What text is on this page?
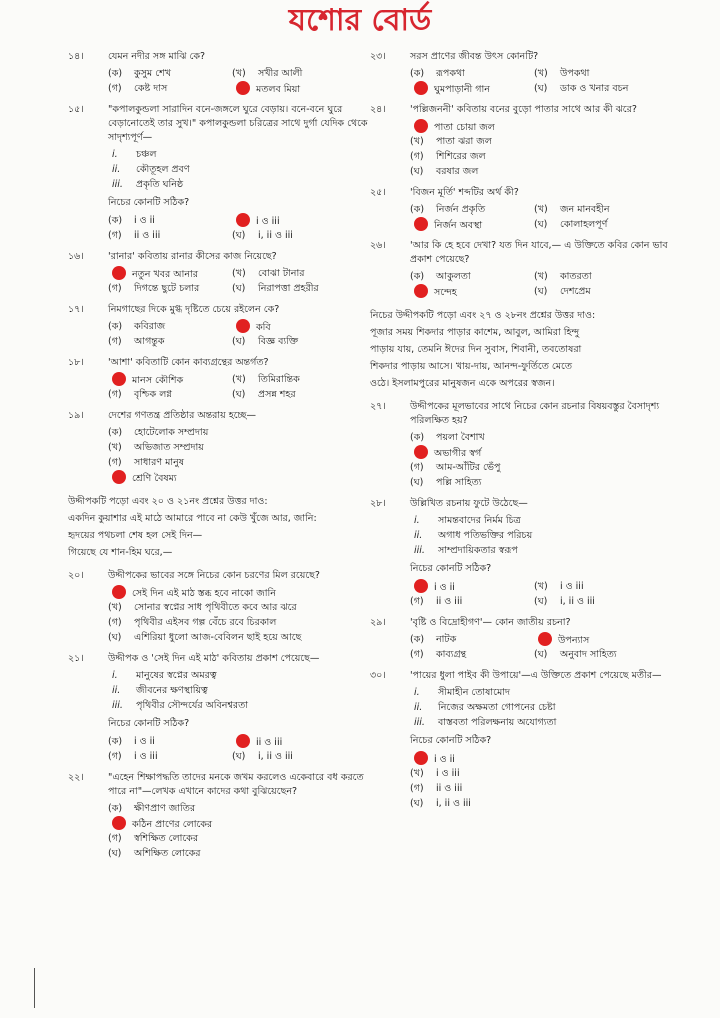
যশোর বোর্ড
১৪।	যেমন নদীর সঙ্গ মাঝি কে?
(ক) কুসুম শেখ	(খ) সখীর আলী
(গ) কেষ্ট দাস	মতলব মিয়া
১৫।	"কপালকুন্ডলা সারাদিন বনে-জঙ্গলে ঘুরে বেড়ায়। বনে-বনে ঘুরে বেড়ানোতেই তার সুখ।" কপালকুন্ডলা চরিত্রের সাথে দুর্গা যেদিক থেকে সাদৃশ্যপূর্ণ—
i. চঞ্চল
ii. কৌতূহল প্রবণ
iii. প্রকৃতি ঘনিষ্ঠ
নিচের কোনটি সঠিক?
(ক) i ও ii	i ও iii
(গ) ii ও iii	(ঘ) i, ii ও iii
১৬।	'রানার' কবিতায় রানার কীসের কাজ নিয়েছে?
নতুন খবর আনার	(খ) বোঝা টানার
(গ) দিগন্তে ছুটে চলার	(ঘ) নিরাপত্তা প্রহরীর
১৭।	নিমগাছের দিকে মুগ্ধ দৃষ্টিতে চেয়ে রইলেন কে?
(ক) কবিরাজ	কবি
(গ) আগন্তুক	(ঘ) বিজ্ঞ ব্যক্তি
১৮।	'আশা' কবিতাটি কোন কাব্যগ্রন্থের অন্তর্গত?
মানস কৌশিক	(খ) তিমিরান্তিক
(গ) বৃশ্চিক লগ্ন	(ঘ) প্রসন্ন শহর
১৯।	দেশের গণতন্ত্র প্রতিষ্ঠার অন্তরায় হচ্ছে—
(ক) হোটেলোক সম্প্রদায়
(খ) অভিজাত সম্প্রদায়
(গ) সাধারণ মানুষ
শ্রেণি বৈষম্য
উদ্দীপকটি পড়ো এবং ২০ ও ২১নং প্রশ্নের উত্তর দাও:
একদিন কুয়াশার এই মাঠে আমারে পাবে না কেউ খুঁজে আর, জানি:
হৃদয়ের পথচলা শেষ হল সেই দিন—
গিয়েছে যে শান-হিম ঘরে,—
২০।	উদ্দীপকের ভাবের সঙ্গে নিচের কোন চরণের মিল রয়েছে?
সেই দিন এই মাঠ স্তব্ধ হবে নাকো জানি
(খ) সোনার স্বপ্নের সাধ পৃথিবীতে কবে আর ঝরে
(গ) পৃথিবীর এইসব গল্প বেঁচে রবে চিরকাল
(ঘ) এশিরিয়া ধুলো আজ-বেবিলন ছাই হয়ে আছে
২১।	উদ্দীপক ও 'সেই দিন এই মাঠ' কবিতায় প্রকাশ পেয়েছে—
i. মানুষের স্বপ্নের অমরত্ব
ii. জীবনের ক্ষণস্থায়িত্ব
iii. পৃথিবীর সৌন্দর্যের অবিনশ্বরতা
নিচের কোনটি সঠিক?
(ক) i ও ii	ii ও iii
(গ) i ও iii	(ঘ) i, ii ও iii
২২।	"এহেন শিক্ষাপদ্ধতি তাদের মনকে জখম করলেও একেবারে বধ করতে পারে না"—লেখক এখানে কাদের কথা বুঝিয়েছেন?
(ক) ক্ষীণপ্রাণ জাতির
কঠিন প্রাণের লোকের
(গ) স্বশিক্ষিত লোকের
(ঘ) অশিক্ষিত লোকের
২৩।	সরস প্রাণের জীবন্ত উৎস কোনটি?
(ক) রূপকথা	(খ) উপকথা
ঘুমপাড়ানী গান	(ঘ) ডাক ও খনার বচন
২৪।	'পল্লিজননী' কবিতায় বনের বুড়ো পাতার সাথে আর কী ঝরে?
পাতা চোয়া জল
(খ) পাতা ঝরা জল
(গ) শিশিরের জল
(ঘ) বরষার জল
২৫।	'বিজন মূর্তি' শব্দটির অর্থ কী?
(ক) নির্জন প্রকৃতি	(খ) জন মানবহীন
নির্জন অবস্থা	(ঘ) কোলাহলপূর্ণ
২৬।	'আর কি হে হবে দেখা? যত দিন যাবে,— এ উক্তিতে কবির কোন ভাব প্রকাশ পেয়েছে?
(ক) আকুলতা	(খ) কাতরতা
সন্দেহ	(ঘ) দেশপ্রেম
নিচের উদ্দীপকটি পড়ো এবং ২৭ ও ২৮নং প্রশ্নের উত্তর দাও:
পূজার সময় শিকদার পাড়ার কাশেম, আবুল, আমিরা হিন্দু
পাড়ায় যায়, তেমনি ঈদের দিন সুবাস, শিবানী, তবতোষরা
শিকদার পাড়ায় আসে। খায়-দায়, আনন্দ-ফুর্তিতে মেতে
ওঠে। ইসলামপুরের মানুষজন একে অপরের স্বজন।
২৭।	উদ্দীপকের মূলভাবের সাথে নিচের কোন রচনার বিষয়বস্তুর বৈসাদৃশ্য পরিলক্ষিত হয়?
(ক) পয়লা বৈশাখ
অভাগীর স্বর্গ
(গ) আম-আঁটির ভেঁপু
(ঘ) পল্লি সাহিত্য
২৮।	উল্লিখিত রচনায় ফুটে উঠেছে—
i. সামন্তবাদের নির্মম চিত্র
ii. অগাধ পতিভক্তির পরিচয়
iii. সাম্প্রদায়িকতার স্বরূপ
নিচের কোনটি সঠিক?
i ও ii	(খ) i ও iii
(গ) ii ও iii	(ঘ) i, ii ও iii
২৯।	'বৃষ্টি ও বিদ্রোহীগণ'— কোন জাতীয় রচনা?
(ক) নাটক	উপন্যাস
(গ) কাব্যগ্রন্থ	(ঘ) অনুবাদ সাহিত্য
৩০।	'পায়ের ধুলা পাইব কী উপায়ে'—এ উক্তিতে প্রকাশ পেয়েছে মতীর—
i. সীমাহীন তোষামোদ
ii. নিজের অক্ষমতা গোপনের চেষ্টা
iii. বাস্তবতা পরিলক্ষনায় অযোগ্যতা
নিচের কোনটি সঠিক?
i ও ii
(খ) i ও iii
(গ) ii ও iii
(ঘ) i, ii ও iii
